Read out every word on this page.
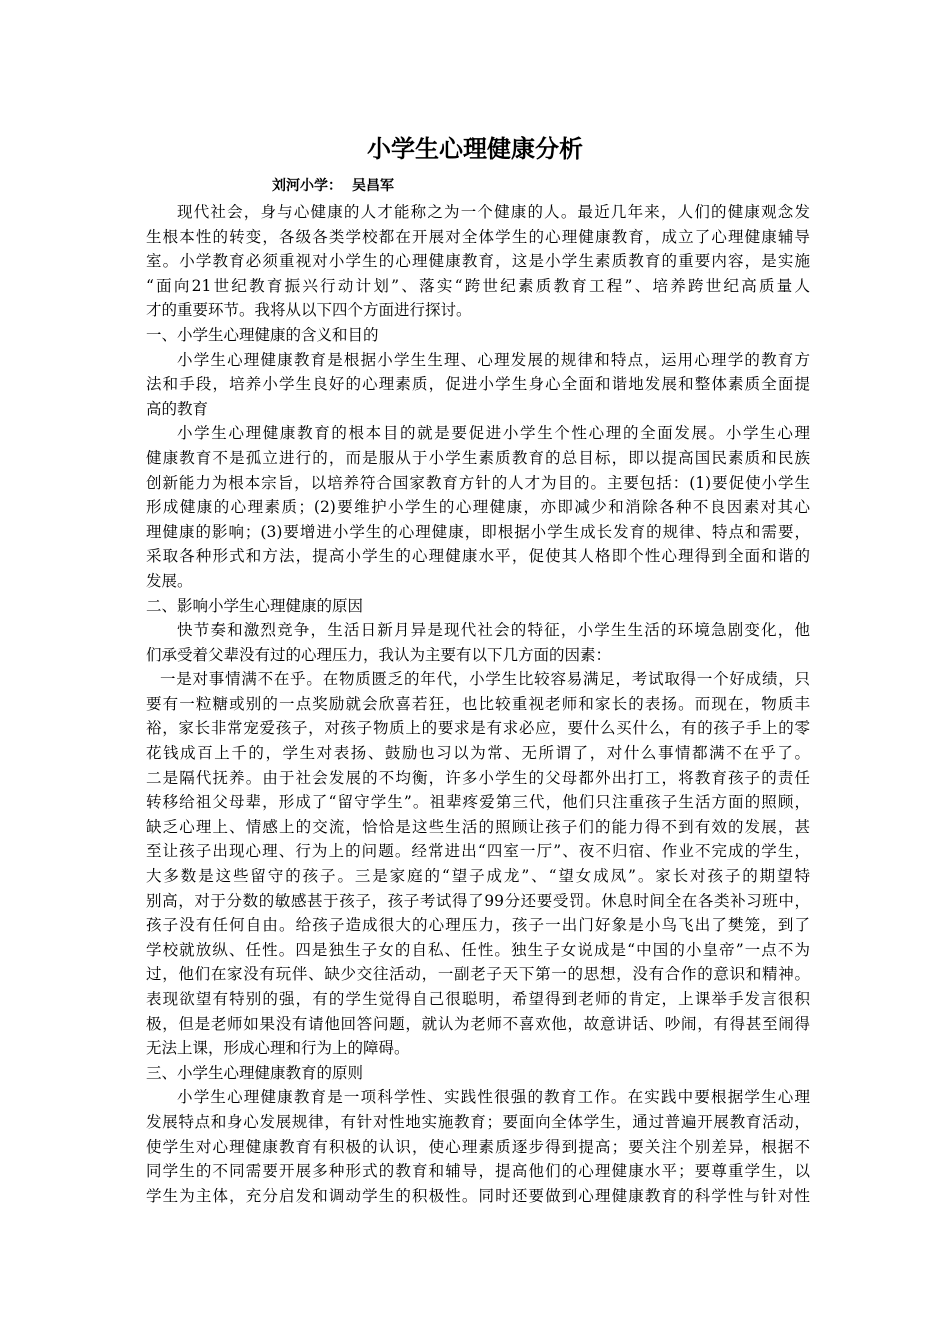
小学生心理健康分析
刘河小学： 吴昌军
现代社会，身与心健康的人才能称之为一个健康的人。最近几年来，人们的健康观念发
生根本性的转变，各级各类学校都在开展对全体学生的心理健康教育，成立了心理健康辅导
室。小学教育必须重视对小学生的心理健康教育，这是小学生素质教育的重要内容，是实施
“面向21世纪教育振兴行动计划”、落实“跨世纪素质教育工程”、培养跨世纪高质量人
才的重要环节。我将从以下四个方面进行探讨。
一、小学生心理健康的含义和目的
小学生心理健康教育是根据小学生生理、心理发展的规律和特点，运用心理学的教育方
法和手段，培养小学生良好的心理素质，促进小学生身心全面和谐地发展和整体素质全面提
高的教育
小学生心理健康教育的根本目的就是要促进小学生个性心理的全面发展。小学生心理
健康教育不是孤立进行的，而是服从于小学生素质教育的总目标，即以提高国民素质和民族
创新能力为根本宗旨，以培养符合国家教育方针的人才为目的。主要包括：(1)要促使小学生
形成健康的心理素质；(2)要维护小学生的心理健康，亦即减少和消除各种不良因素对其心
理健康的影响；(3)要增进小学生的心理健康，即根据小学生成长发育的规律、特点和需要，
采取各种形式和方法，提高小学生的心理健康水平，促使其人格即个性心理得到全面和谐的
发展。
二、影响小学生心理健康的原因
快节奏和激烈竞争，生活日新月异是现代社会的特征，小学生生活的环境急剧变化，他
们承受着父辈没有过的心理压力，我认为主要有以下几方面的因素：
一是对事情满不在乎。在物质匮乏的年代，小学生比较容易满足，考试取得一个好成绩，只
要有一粒糖或别的一点奖励就会欣喜若狂，也比较重视老师和家长的表扬。而现在，物质丰
裕，家长非常宠爱孩子，对孩子物质上的要求是有求必应，要什么买什么，有的孩子手上的零
花钱成百上千的，学生对表扬、鼓励也习以为常、无所谓了，对什么事情都满不在乎了。
二是隔代抚养。由于社会发展的不均衡，许多小学生的父母都外出打工，将教育孩子的责任
转移给祖父母辈，形成了“留守学生”。祖辈疼爱第三代，他们只注重孩子生活方面的照顾，
缺乏心理上、情感上的交流，恰恰是这些生活的照顾让孩子们的能力得不到有效的发展，甚
至让孩子出现心理、行为上的问题。经常进出“四室一厅”、夜不归宿、作业不完成的学生，
大多数是这些留守的孩子。三是家庭的“望子成龙”、“望女成凤”。家长对孩子的期望特
别高，对于分数的敏感甚于孩子，孩子考试得了99分还要受罚。休息时间全在各类补习班中，
孩子没有任何自由。给孩子造成很大的心理压力，孩子一出门好象是小鸟飞出了樊笼，到了
学校就放纵、任性。四是独生子女的自私、任性。独生子女说成是“中国的小皇帝”一点不为
过，他们在家没有玩伴、缺少交往活动，一副老子天下第一的思想，没有合作的意识和精神。
表现欲望有特别的强，有的学生觉得自己很聪明，希望得到老师的肯定，上课举手发言很积
极，但是老师如果没有请他回答问题，就认为老师不喜欢他，故意讲话、吵闹，有得甚至闹得
无法上课，形成心理和行为上的障碍。
三、小学生心理健康教育的原则
小学生心理健康教育是一项科学性、实践性很强的教育工作。在实践中要根据学生心理
发展特点和身心发展规律，有针对性地实施教育；要面向全体学生，通过普遍开展教育活动，
使学生对心理健康教育有积极的认识，使心理素质逐步得到提高；要关注个别差异，根据不
同学生的不同需要开展多种形式的教育和辅导，提高他们的心理健康水平；要尊重学生，以
学生为主体，充分启发和调动学生的积极性。同时还要做到心理健康教育的科学性与针对性
